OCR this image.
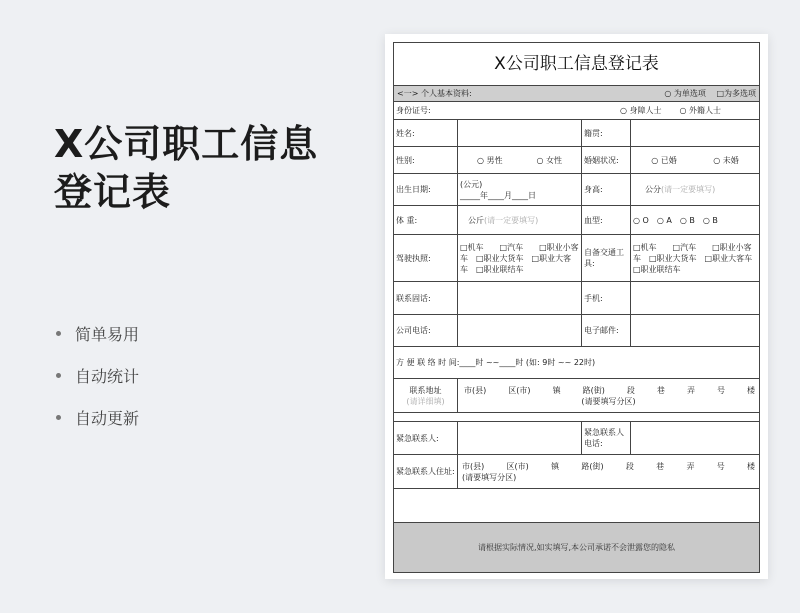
X公司职工信息登记表
简单易用
自动统计
自动更新
X公司职工信息登记表
<一> 个人基本资料:	○ 为单选项 □为多选项
身份证号:	○ 身障人士 ○ 外籍人士
姓名:	籍贯:
性别:	○ 男性	○ 女性	婚姻状况:	○ 已婚	○ 未婚
出生日期:
(公元)
_____年____月____日
身高:	公分 (请一定要填写)
体 重:	公斤 (请一定要填写)	血型:	○ O ○ A ○ B ○ B
驾驶执照:
□机车　　□汽车　　□职业小客车　□职业大货车　□职业大客车　□职业联结车
自备交通工具:
□机车　　□汽车　　□职业小客车　□职业大货车　□职业大客车　□职业联结车
联系固话:	手机:
公司电话:	电子邮件:
方 便 联 络 时 间:____时 ~~____时 (如: 9时 ~~ 22时)
联系地址
(请详细填)
市(县)	区(市)	镇	路(街)	段	巷	弄	号	楼
(请要填写分区)
紧急联系人:
紧急联系人电话:
紧急联系人住址:
市(县)	区(市)	镇	路(街)	段	巷	弄	号	楼
(请要填写分区)
请根据实际情况,如实填写,本公司承诺不会泄露您的隐私
